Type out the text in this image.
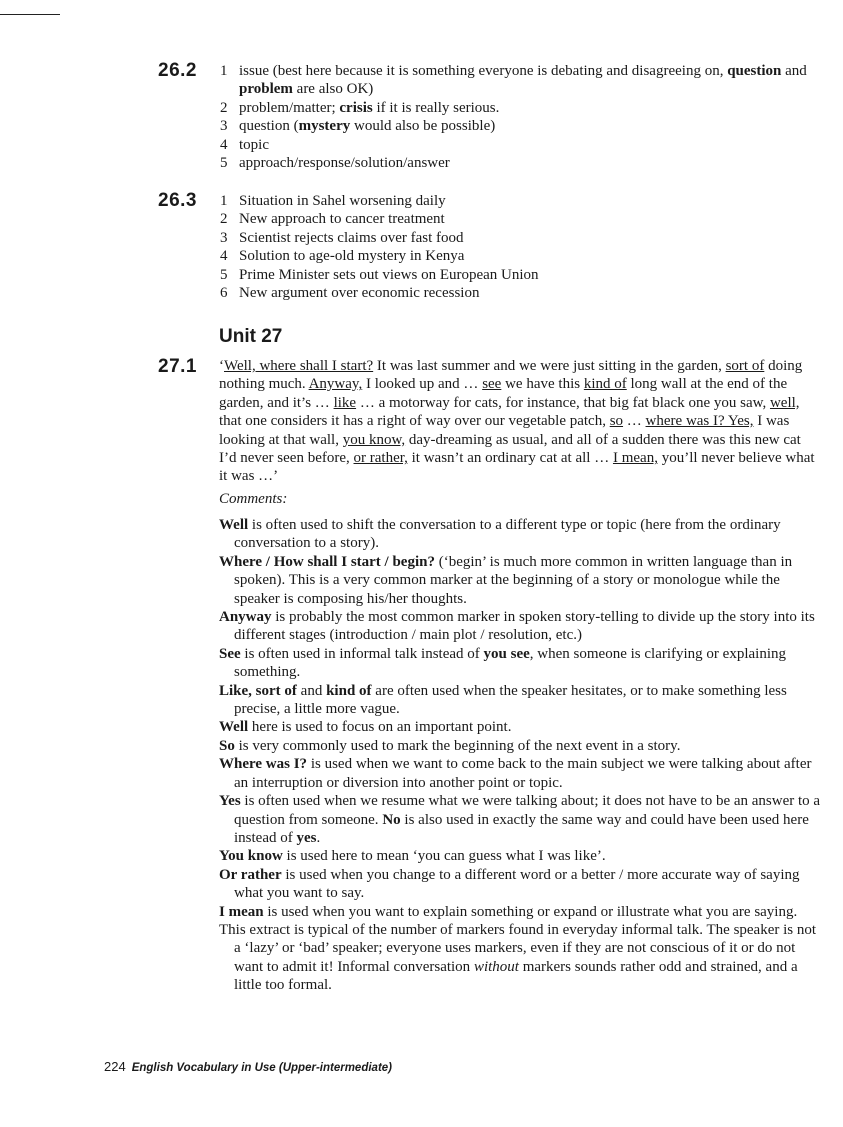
26.2 1 issue (best here because it is something everyone is debating and disagreeing on, question and problem are also OK)
2 problem/matter; crisis if it is really serious.
3 question (mystery would also be possible)
4 topic
5 approach/response/solution/answer
26.3 1 Situation in Sahel worsening daily
2 New approach to cancer treatment
3 Scientist rejects claims over fast food
4 Solution to age-old mystery in Kenya
5 Prime Minister sets out views on European Union
6 New argument over economic recession
Unit 27
27.1 ‘Well, where shall I start? It was last summer and we were just sitting in the garden, sort of doing nothing much. Anyway, I looked up and … see we have this kind of long wall at the end of the garden, and it’s … like … a motorway for cats, for instance, that big fat black one you saw, well, that one considers it has a right of way over our vegetable patch, so … where was I? Yes, I was looking at that wall, you know, day-dreaming as usual, and all of a sudden there was this new cat I’d never seen before, or rather, it wasn’t an ordinary cat at all … I mean, you’ll never believe what it was …’

Comments:
Well is often used to shift the conversation to a different type or topic (here from the ordinary conversation to a story).
Where / How shall I start / begin? (‘begin’ is much more common in written language than in spoken). This is a very common marker at the beginning of a story or monologue while the speaker is composing his/her thoughts.
Anyway is probably the most common marker in spoken story-telling to divide up the story into its different stages (introduction / main plot / resolution, etc.)
See is often used in informal talk instead of you see, when someone is clarifying or explaining something.
Like, sort of and kind of are often used when the speaker hesitates, or to make something less precise, a little more vague.
Well here is used to focus on an important point.
So is very commonly used to mark the beginning of the next event in a story.
Where was I? is used when we want to come back to the main subject we were talking about after an interruption or diversion into another point or topic.
Yes is often used when we resume what we were talking about; it does not have to be an answer to a question from someone. No is also used in exactly the same way and could have been used here instead of yes.
You know is used here to mean ‘you can guess what I was like’.
Or rather is used when you change to a different word or a better / more accurate way of saying what you want to say.
I mean is used when you want to explain something or expand or illustrate what you are saying.
This extract is typical of the number of markers found in everyday informal talk. The speaker is not a ‘lazy’ or ‘bad’ speaker; everyone uses markers, even if they are not conscious of it or do not want to admit it! Informal conversation without markers sounds rather odd and strained, and a little too formal.
224 English Vocabulary in Use (Upper-intermediate)
